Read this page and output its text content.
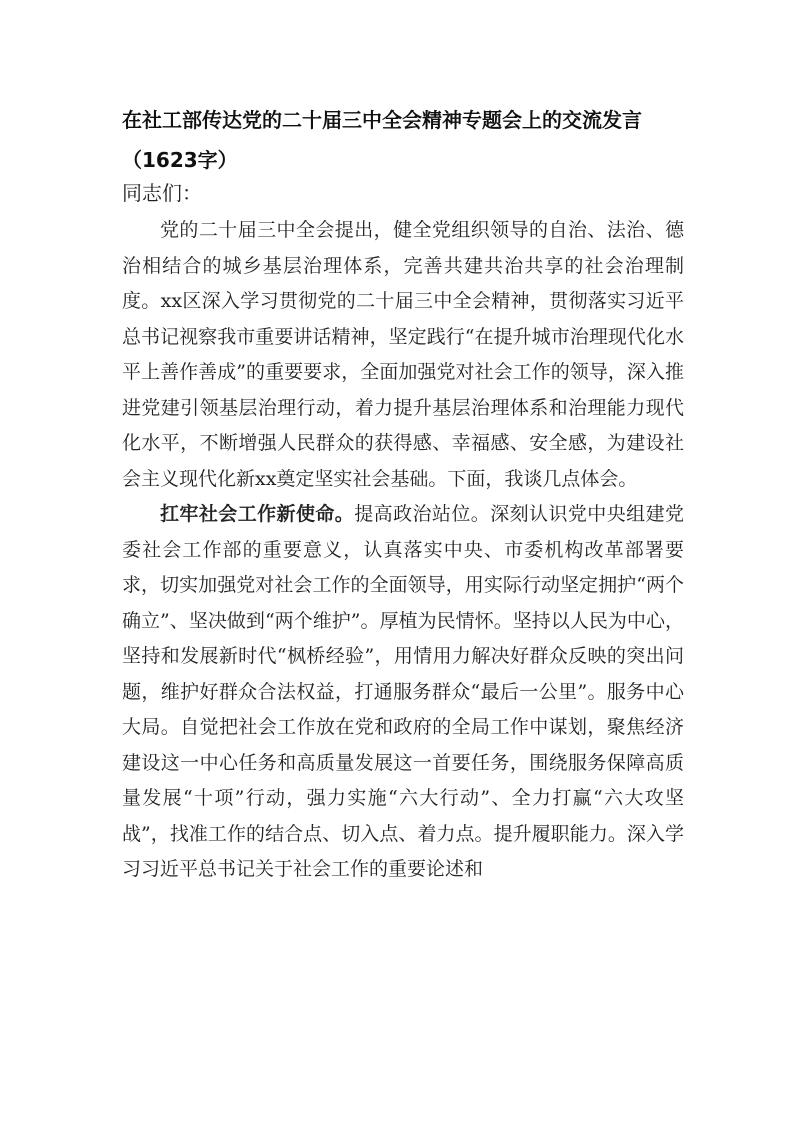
在社工部传达党的二十届三中全会精神专题会上的交流发言（1623字）

同志们：

党的二十届三中全会提出，健全党组织领导的自治、法治、德治相结合的城乡基层治理体系，完善共建共治共享的社会治理制度。xx区深入学习贯彻党的二十届三中全会精神，贯彻落实习近平总书记视察我市重要讲话精神，坚定践行“在提升城市治理现代化水平上善作善成”的重要要求，全面加强党对社会工作的领导，深入推进党建引领基层治理行动，着力提升基层治理体系和治理能力现代化水平，不断增强人民群众的获得感、幸福感、安全感，为建设社会主义现代化新xx奠定坚实社会基础。下面，我谈几点体会。

扛牢社会工作新使命。提高政治站位。深刻认识党中央组建党委社会工作部的重要意义，认真落实中央、市委机构改革部署要求，切实加强党对社会工作的全面领导，用实际行动坚定拥护“两个确立”、坚决做到“两个维护”。厚植为民情怀。坚持以人民为中心，坚持和发展新时代“枫桥经验”，用情用力解决好群众反映的突出问题，维护好群众合法权益，打通服务群众“最后一公里”。服务中心大局。自觉把社会工作放在党和政府的全局工作中谋划，聚焦经济建设这一中心任务和高质量发展这一首要任务，围绕服务保障高质量发展“十项”行动，强力实施“六大行动”、全力打赢“六大攻坚战”，找准工作的结合点、切入点、着力点。提升履职能力。深入学习习近平总书记关于社会工作的重要论述和
